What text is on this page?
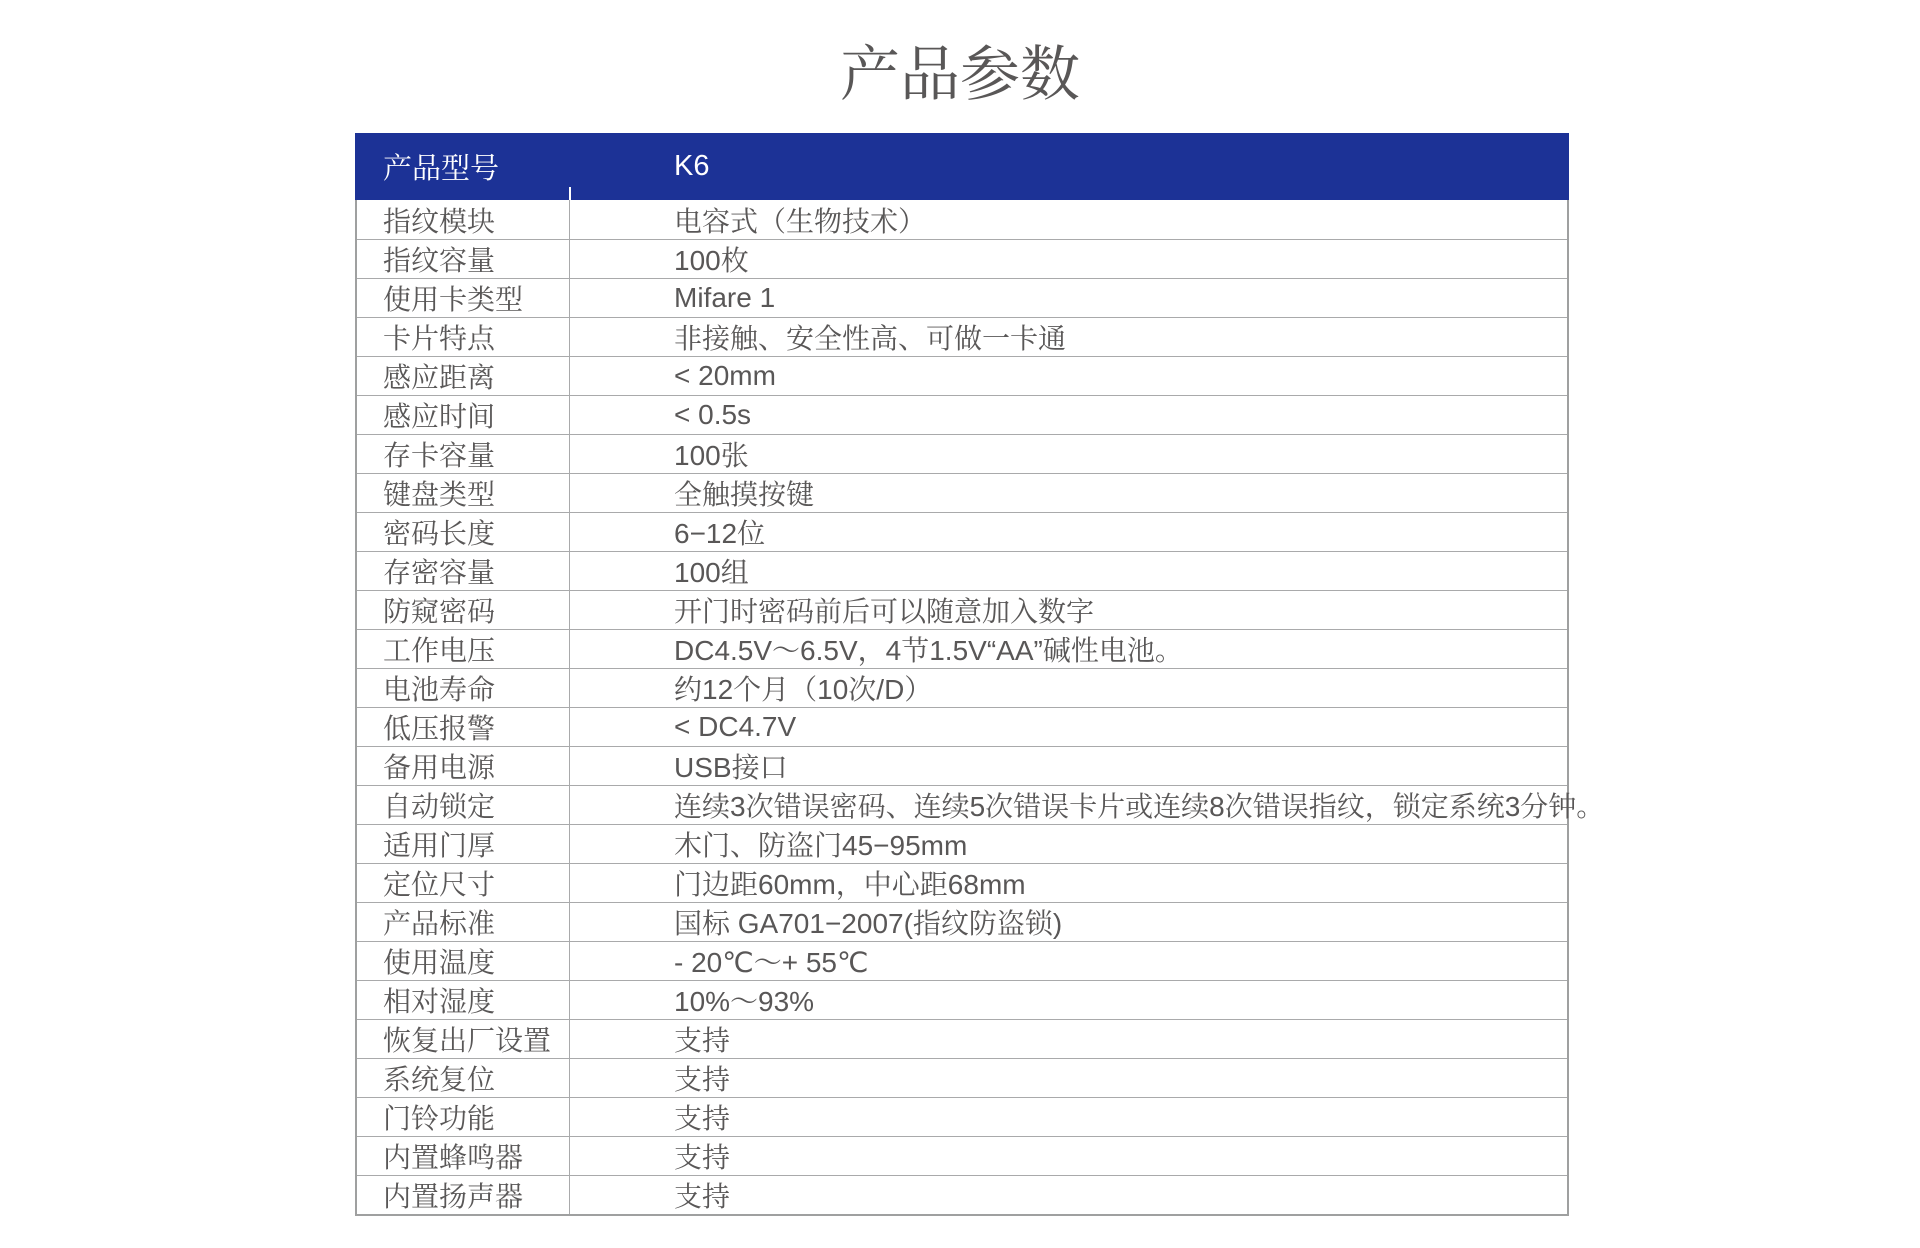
产品参数
产品型号	K6
指纹模块	电容式（生物技术）
指纹容量	100枚
使用卡类型	Mifare 1
卡片特点	非接触、安全性高、可做一卡通
感应距离	< 20mm
感应时间	< 0.5s
存卡容量	100张
键盘类型	全触摸按键
密码长度	6−12位
存密容量	100组
防窥密码	开门时密码前后可以随意加入数字
工作电压	DC4.5V～6.5V，4节1.5V“AA”碱性电池。
电池寿命	约12个月（10次/D）
低压报警	< DC4.7V
备用电源	USB接口
自动锁定	连续3次错误密码、连续5次错误卡片或连续8次错误指纹，锁定系统3分钟。
适用门厚	木门、防盗门45−95mm
定位尺寸	门边距60mm，中心距68mm
产品标准	国标 GA701−2007(指纹防盗锁)
使用温度	- 20℃～+ 55℃
相对湿度	10%～93%
恢复出厂设置	支持
系统复位	支持
门铃功能	支持
内置蜂鸣器	支持
内置扬声器	支持
